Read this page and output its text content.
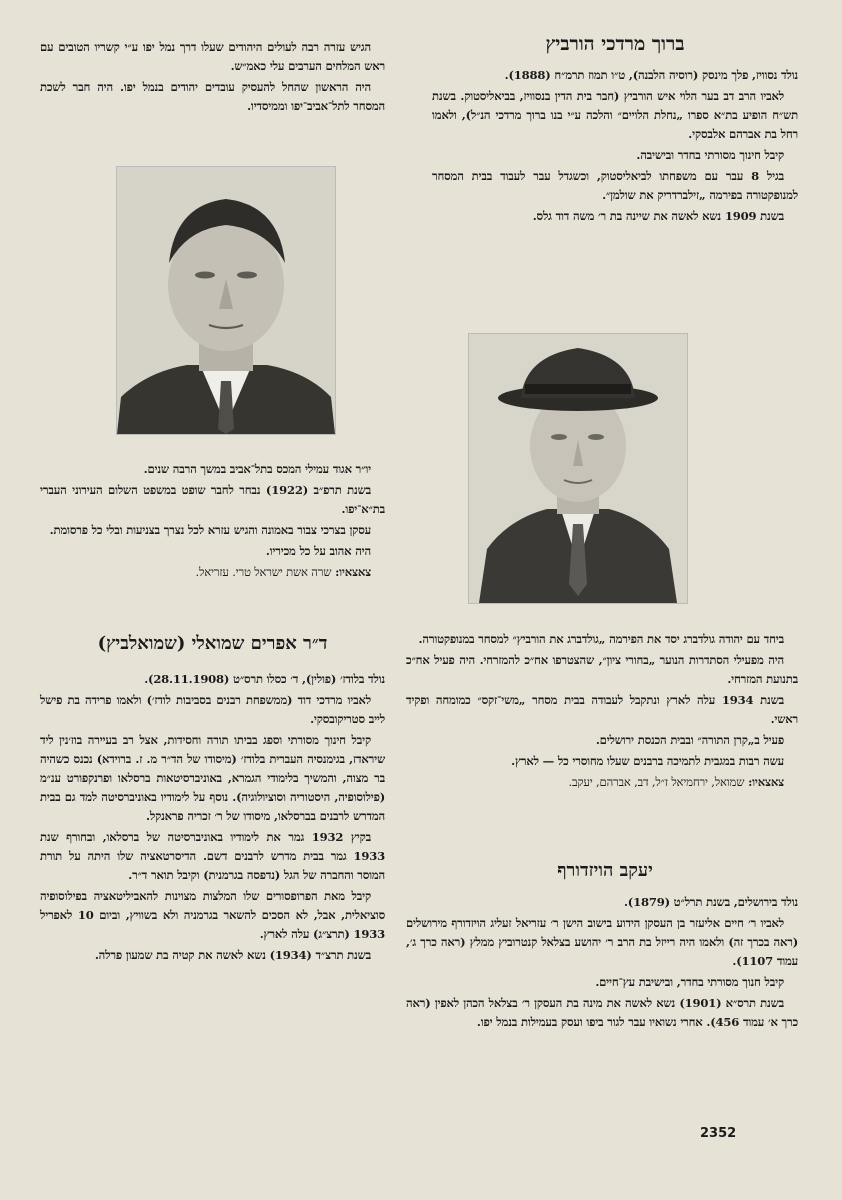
ברוך מרדכי הורביץ

נולד נסוויז, פלך מינסק (רוסיה הלבנה), ט״ו תמוז תרמ״ח (1888).

לאביו הרב דב בער הלוי איש הורביץ (חבר בית הדין בנסוויז, בביאליסטוק. בשנת תש״ח הופיע בת״א ספרו „נחלת הלויים״ והלכה ע״י בנו ברוך מרדכי הנ״ל), ולאמו רחל בת אברהם אלבסקי.

קיבל חינוך מסורתי בחדר ובישיבה.

בגיל 8 עבר עם משפחתו לביאליסטוק, וכשגדל עבר לעבוד בבית המסחר למנופקטורה בפירמה „זילברדריק את שולמן״.

בשנת 1909 נשא לאשה את שיינה בת ר׳ משה דוד גלס.

ביחד עם יהודה גולדברג יסד את הפירמה „גולדברג את הורביץ״ למסחר במנופקטורה.

היה מפעילי הסתדרות הנוער „בחורי ציון״, שהצטרפו אח״כ להמזרחי. היה פעיל אח״כ בתנועת המזרחי.

בשנת 1934 עלה לארץ ונתקבל לעבודה בבית מסחר „משי־זקס״ כמומחה ופקיד ראשי.

פעיל ב„קרן התורה״ ובבית הכנסת ירושלים.

עשה רבות במגבית לתמיכה ברבנים שעלו מחוסרי כל — לארץ.

צאצאיו: שמואל, ירחמיאל ז״ל, דב, אברהם, יעקב.

יעקב הויזדורף

נולד בירושלים, בשנת תרל״ט (1879).

לאביו ר׳ חיים אליעזר בן העסקן הידוע בישוב הישן ר׳ עזריאל זעליג הויזדורף מירושלים (ראה בכרך זה) ולאמו היה רייזל בת הרב ר׳ יהושע בצלאל קנטרוביץ ממלץ (ראה כרך ג׳, עמוד 1107).

קיבל חנוך מסורתי בחדר, ובישיבת עץ־חיים.

בשנת תרס״א (1901) נשא לאשה את מינה בת העסקן ר׳ בצלאל הכהן לאפין (ראה כרך א׳ עמוד 456). אחרי נשואיו עבר לגור ביפו ועסק בעמילות בנמל יפו.

הגיש עזרה רבה לעולים היהודים שעלו דרך נמל יפו ע״י קשריו הטובים עם ראש המלחים הערבים עלי כאמ״ש.

היה הראשון שהחל להעסיק עובדים יהודים בנמל יפו. היה חבר לשכת המסחר לתל־אביב־יפו וממיסדיו.

יו״ר אגוד עמילי המכס בתל־אביב במשך הרבה שנים.

בשנת תרפ״ב (1922) נבחר לחבר שופט במשפט השלום העירוני העברי בת״א־יפו.

עסקן בצרכי צבור באמונה והגיש עזרא לכל נצרך בצניעות ובלי כל פרסומת.

היה אהוב על כל מכיריו.

צאצאיו: שרה אשת ישראל טרי. עזריאל.

ד״ר אפרים שמואלי (שמואלביץ)

נולד בלודז׳ (פולין), ד׳ כסלו תרס״ט (28.11.1908).

לאביו מרדכי דוד (ממשפחת רבנים בסביבות לודז׳) ולאמו פרידה בת פישל לייב סטריקובסקי.

קיבל חינוך מסורתי וספג בביתו תורה וחסידות, אצל רב בעיירה בוז׳נין ליד שיראדז, בגימנסיה העברית בלודז׳ (מיסודו של הד״ר מ. ז. ברוידא) נכנס כשהיה בר מצוה, והמשיך בלימודי הגמרא, באוניברסיטאות ברסלאו ופרנקפורט ענ״מ (פילוסופיה, היסטוריה וסוציולוגיה). נוסף על לימודיו באוניברסיטה למד גם בבית המדרש לרבנים בברסלאו, מיסודו של ר׳ זכריה פראנקל.

בקיץ 1932 גמר את לימודיו באוניברסיטה של ברסלאו, ובחורף שנת 1933 גמר בבית מדרש לרבנים דשם. הדיסרטאציה שלו היתה על תורת המוסר והחברה של הגל (נדפסה בגרמנית) וקיבל תואר ד״ר.

קיבל מאת הפרופסורים שלו המלצות מצוינות להאביליטאציה בפילוסופיה סוציאלית, אבל, לא הסכים להשאר בגרמניה ולא בשוויץ, וביום 10 לאפריל 1933 (תרצ״ג) עלה לארץ.

בשנת תרצ״ד (1934) נשא לאשה את קטיה בת שמעון פרלה.

2352
